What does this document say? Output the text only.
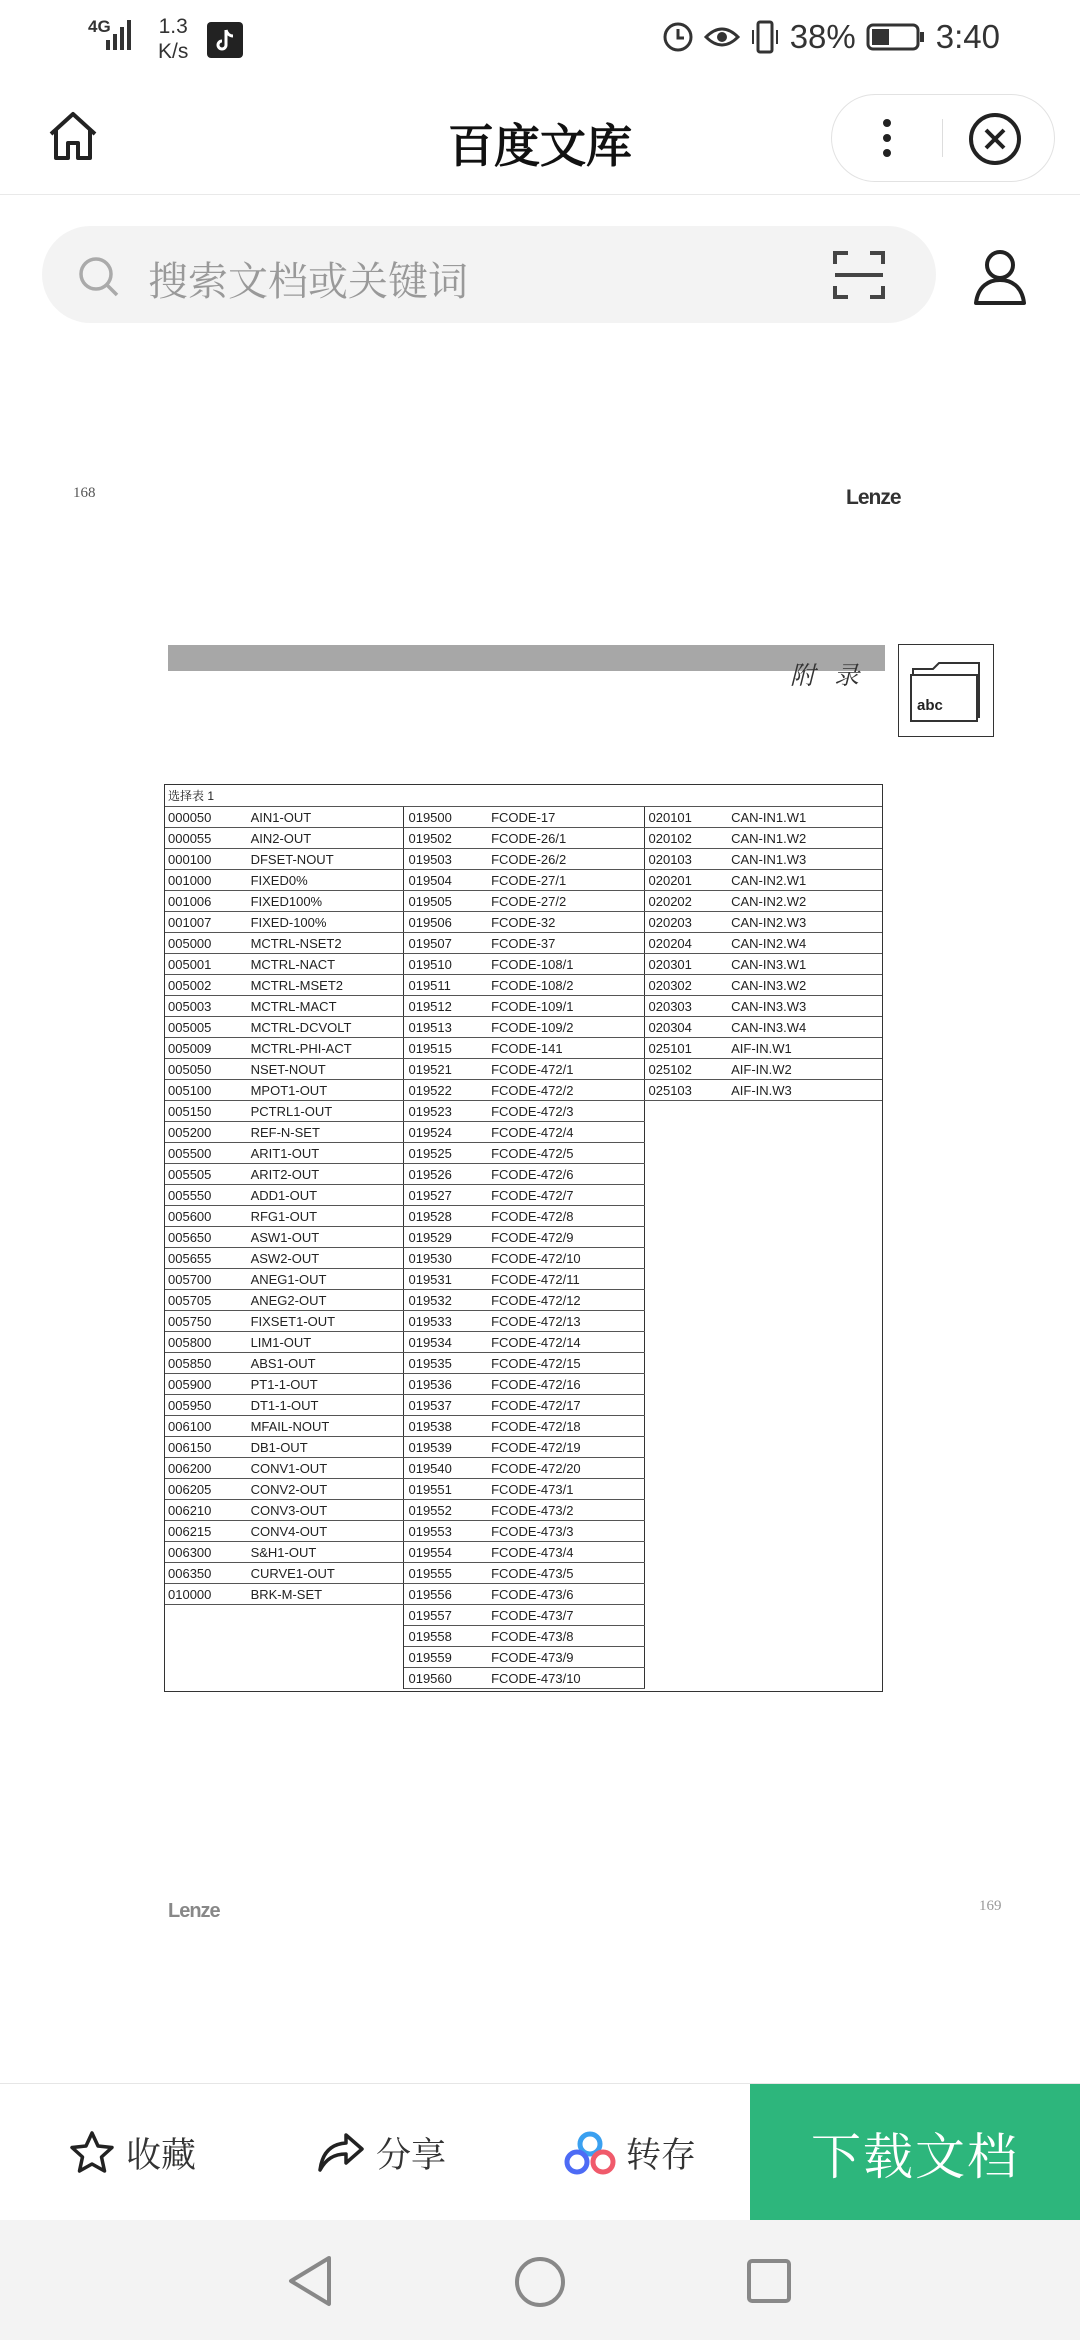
4G 1.3
K/s	38% 3:40
百度文库
搜索文档或关键词
168	Lenze
附 录
abc
选择表 1					
000050	AIN1-OUT	019500	FCODE-17	020101	CAN-IN1.W1
000055	AIN2-OUT	019502	FCODE-26/1	020102	CAN-IN1.W2
000100	DFSET-NOUT	019503	FCODE-26/2	020103	CAN-IN1.W3
001000	FIXED0%	019504	FCODE-27/1	020201	CAN-IN2.W1
001006	FIXED100%	019505	FCODE-27/2	020202	CAN-IN2.W2
001007	FIXED-100%	019506	FCODE-32	020203	CAN-IN2.W3
005000	MCTRL-NSET2	019507	FCODE-37	020204	CAN-IN2.W4
005001	MCTRL-NACT	019510	FCODE-108/1	020301	CAN-IN3.W1
005002	MCTRL-MSET2	019511	FCODE-108/2	020302	CAN-IN3.W2
005003	MCTRL-MACT	019512	FCODE-109/1	020303	CAN-IN3.W3
005005	MCTRL-DCVOLT	019513	FCODE-109/2	020304	CAN-IN3.W4
005009	MCTRL-PHI-ACT	019515	FCODE-141	025101	AIF-IN.W1
005050	NSET-NOUT	019521	FCODE-472/1	025102	AIF-IN.W2
005100	MPOT1-OUT	019522	FCODE-472/2	025103	AIF-IN.W3
005150	PCTRL1-OUT	019523	FCODE-472/3		
005200	REF-N-SET	019524	FCODE-472/4		
005500	ARIT1-OUT	019525	FCODE-472/5		
005505	ARIT2-OUT	019526	FCODE-472/6		
005550	ADD1-OUT	019527	FCODE-472/7		
005600	RFG1-OUT	019528	FCODE-472/8		
005650	ASW1-OUT	019529	FCODE-472/9		
005655	ASW2-OUT	019530	FCODE-472/10		
005700	ANEG1-OUT	019531	FCODE-472/11		
005705	ANEG2-OUT	019532	FCODE-472/12		
005750	FIXSET1-OUT	019533	FCODE-472/13		
005800	LIM1-OUT	019534	FCODE-472/14		
005850	ABS1-OUT	019535	FCODE-472/15		
005900	PT1-1-OUT	019536	FCODE-472/16		
005950	DT1-1-OUT	019537	FCODE-472/17		
006100	MFAIL-NOUT	019538	FCODE-472/18		
006150	DB1-OUT	019539	FCODE-472/19		
006200	CONV1-OUT	019540	FCODE-472/20		
006205	CONV2-OUT	019551	FCODE-473/1		
006210	CONV3-OUT	019552	FCODE-473/2		
006215	CONV4-OUT	019553	FCODE-473/3		
006300	S&H1-OUT	019554	FCODE-473/4		
006350	CURVE1-OUT	019555	FCODE-473/5		
010000	BRK-M-SET	019556	FCODE-473/6		
		019557	FCODE-473/7		
		019558	FCODE-473/8		
		019559	FCODE-473/9		
		019560	FCODE-473/10		
Lenze	169
收藏	分享	转存	下载文档
